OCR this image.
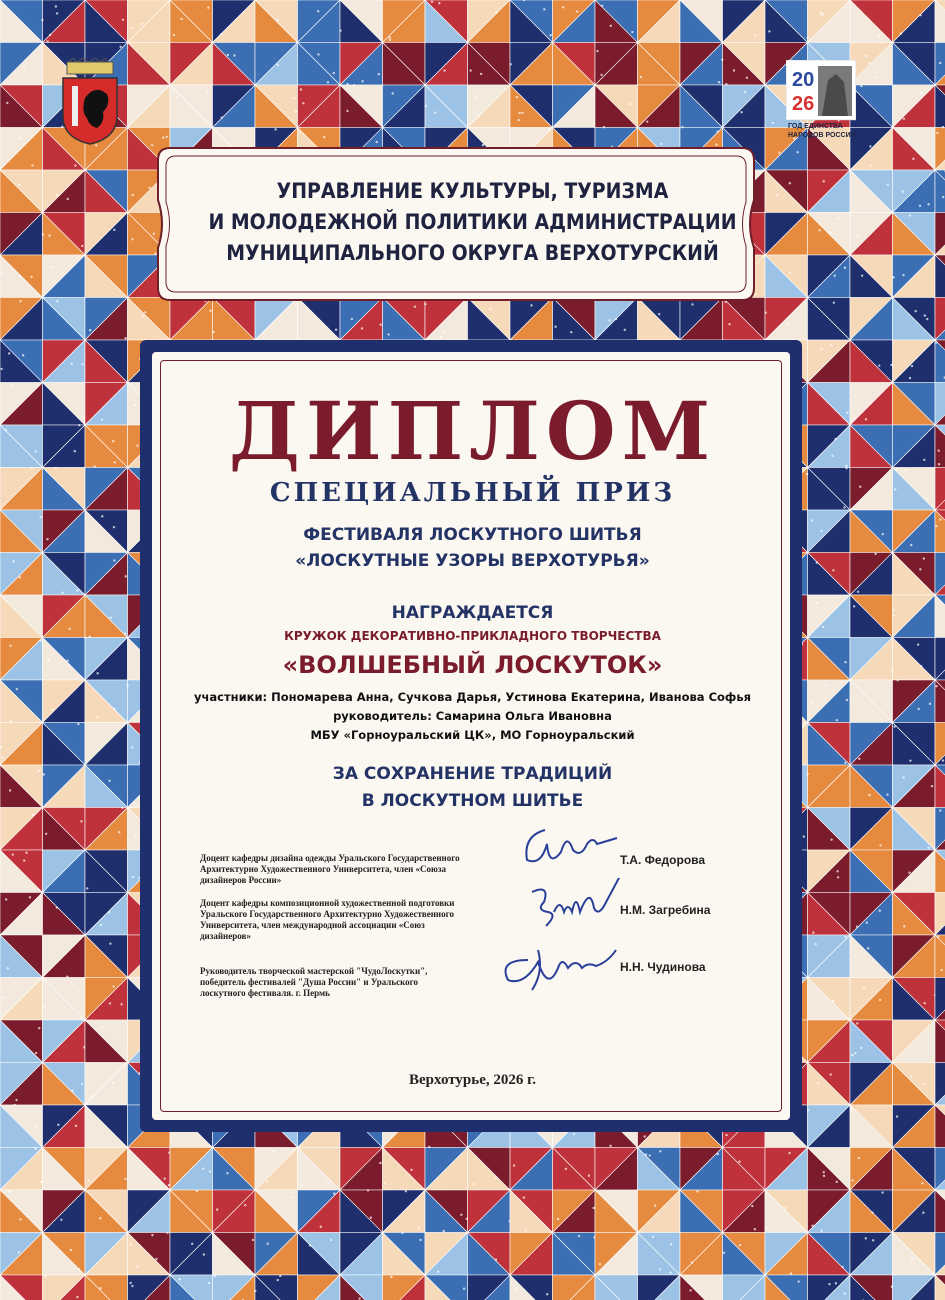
УПРАВЛЕНИЕ КУЛЬТУРЫ, ТУРИЗМА
И МОЛОДЕЖНОЙ ПОЛИТИКИ АДМИНИСТРАЦИИ
МУНИЦИПАЛЬНОГО ОКРУГА ВЕРХОТУРСКИЙ
20
26
ГОД ЕДИНСТВА
НАРОДОВ РОССИИ
ДИПЛОМ
СПЕЦИАЛЬНЫЙ ПРИЗ
ФЕСТИВАЛЯ ЛОСКУТНОГО ШИТЬЯ
«ЛОСКУТНЫЕ УЗОРЫ ВЕРХОТУРЬЯ»
НАГРАЖДАЕТСЯ
КРУЖОК ДЕКОРАТИВНО-ПРИКЛАДНОГО ТВОРЧЕСТВА
«ВОЛШЕБНЫЙ ЛОСКУТОК»
участники: Пономарева Анна, Сучкова Дарья, Устинова Екатерина, Иванова Софья
руководитель: Самарина Ольга Ивановна
МБУ «Горноуральский ЦК», МО Горноуральский
ЗА СОХРАНЕНИЕ ТРАДИЦИЙ
В ЛОСКУТНОМ ШИТЬЕ
Доцент кафедры дизайна одежды Уральского Государственного Архитектурно Художественного Университета, член «Союза дизайнеров России»
Доцент кафедры композиционной художественной подготовки Уральского Государственного Архитектурно Художественного Университета, член международной ассоциации «Союз дизайнеров»
Руководитель творческой мастерской "ЧудоЛоскутки", победитель фестивалей "Душа России" и Уральского лоскутного фестиваля. г. Пермь
Т.А. Федорова
Н.М. Загребина
Н.Н. Чудинова
Верхотурье, 2026 г.
